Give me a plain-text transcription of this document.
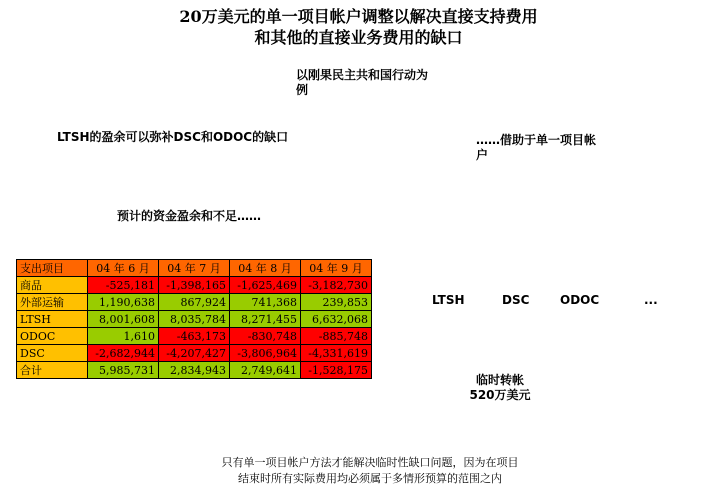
20万美元的单一项目帐户调整以解决直接支持费用
和其他的直接业务费用的缺口
以刚果民主共和国行动为
例
LTSH的盈余可以弥补DSC和ODOC的缺口	……借助于单一项目帐
户
预计的资金盈余和不足……
支出项目	04 年 6 月	04 年 7 月	04 年 8 月	04 年 9 月
商品	-525,181	-1,398,165	-1,625,469	-3,182,730
外部运输	1,190,638	867,924	741,368	239,853
LTSH	8,001,608	8,035,784	8,271,455	6,632,068
ODOC	1,610	-463,173	-830,748	-885,748
DSC	-2,682,944	-4,207,427	-3,806,964	-4,331,619
合计	5,985,731	2,834,943	2,749,641	-1,528,175
LTSH	DSC	ODOC	...
临时转帐
520万美元
只有单一项目帐户方法才能解决临时性缺口问题，因为在项目
结束时所有实际费用均必须属于多情形预算的范围之内
